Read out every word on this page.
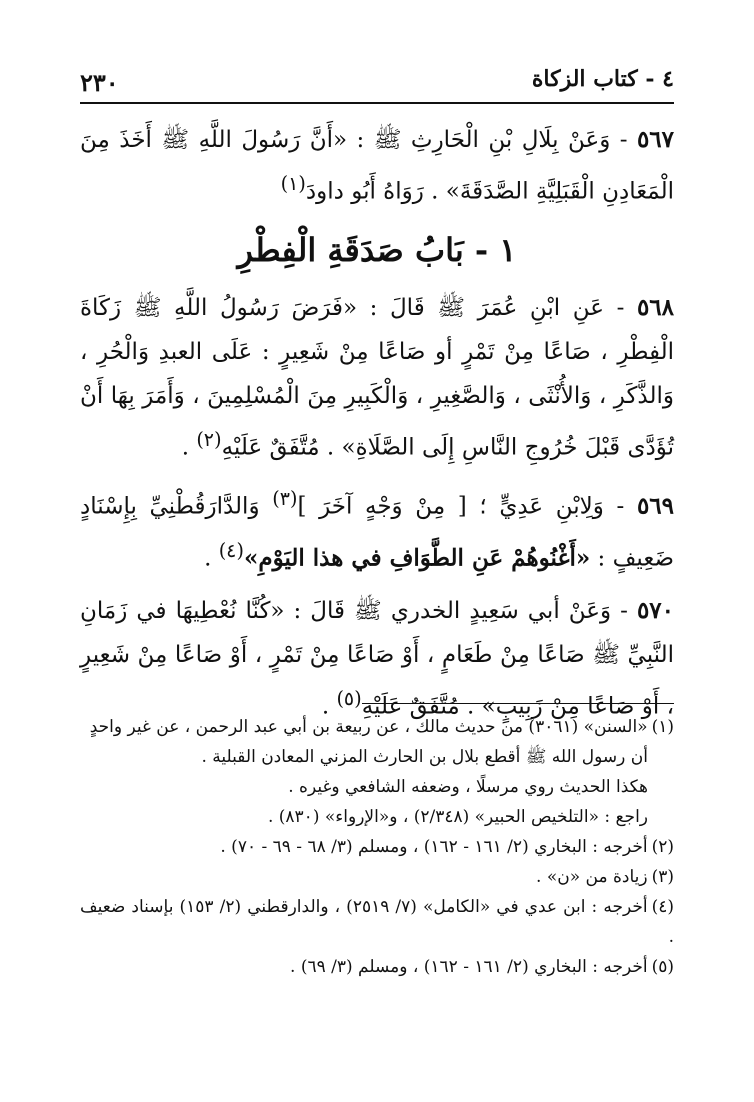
٤ - كتاب الزكاة
٢٣٠

٥٦٧ - وَعَنْ بِلَالِ بْنِ الْحَارِثِ ﷺ : «أَنَّ رَسُولَ اللَّهِ ﷺ أَخَذَ مِنَ الْمَعَادِنِ الْقَبَلِيَّةِ الصَّدَقَةَ» . رَوَاهُ أَبُو داودَ$^{(١)}$

١ - بَابُ صَدَقَةِ الْفِطْرِ

٥٦٨ - عَنِ ابْنِ عُمَرَ ﷺ قَالَ : «فَرَضَ رَسُولُ اللَّهِ ﷺ زَكَاةَ الْفِطْرِ ، صَاعًا مِنْ تَمْرٍ أو صَاعًا مِنْ شَعِيرٍ : عَلَى العبدِ وَالْحُرِ ، وَالذَّكَرِ ، وَالأُنْثَى ، وَالصَّغِيرِ ، وَالْكَبِيرِ مِنَ الْمُسْلِمِينَ ، وَأَمَرَ بِهَا أَنْ تُؤَدَّى قَبْلَ خُرُوجِ النَّاسِ إِلَى الصَّلَاةِ» . مُتَّفَقٌ عَلَيْهِ$^{(٢)}$ .

٥٦٩ - وَلِابْنِ عَدِيٍّ ؛ [ مِنْ وَجْهٍ آخَرَ ]$^{(٣)}$ وَالدَّارَقُطْنِيِّ بِإِسْنَادٍ ضَعِيفٍ : «أَغْنُوهُمْ عَنِ الطَّوَافِ في هذا اليَوْمِ»$^{(٤)}$ .

٥٧٠ - وَعَنْ أبي سَعِيدٍ الخدري ﷺ قَالَ : «كُنَّا نُعْطِيهَا في زَمَانِ النَّبِيِّ ﷺ صَاعًا مِنْ طَعَامٍ ، أَوْ صَاعًا مِنْ تَمْرٍ ، أَوْ صَاعًا مِنْ شَعِيرٍ ، أَوْ صَاعًا مِنْ زَبِيبٍ» . مُتَّفَقٌ عَلَيْهِ$^{(٥)}$ .

(١)«السنن» (٣٠٦١) من حديث مالك ، عن ربيعة بن أبي عبد الرحمن ، عن غير واحدٍ

أن رسول الله ﷺ أقطع بلال بن الحارث المزني المعادن القبلية .

هكذا الحديث روي مرسلًا ، وضعفه الشافعي وغيره .

راجع : «التلخيص الحبير» (٢/٣٤٨) ، و«الإرواء» (٨٣٠) .

(٢)أخرجه : البخاري (٢/ ١٦١ - ١٦٢) ، ومسلم (٣/ ٦٨ - ٦٩ - ٧٠) .

(٣)زيادة من «ن» .

(٤)أخرجه : ابن عدي في «الكامل» (٧/ ٢٥١٩) ، والدارقطني (٢/ ١٥٣) بإسناد ضعيف .

(٥)أخرجه : البخاري (٢/ ١٦١ - ١٦٢) ، ومسلم (٣/ ٦٩) .
